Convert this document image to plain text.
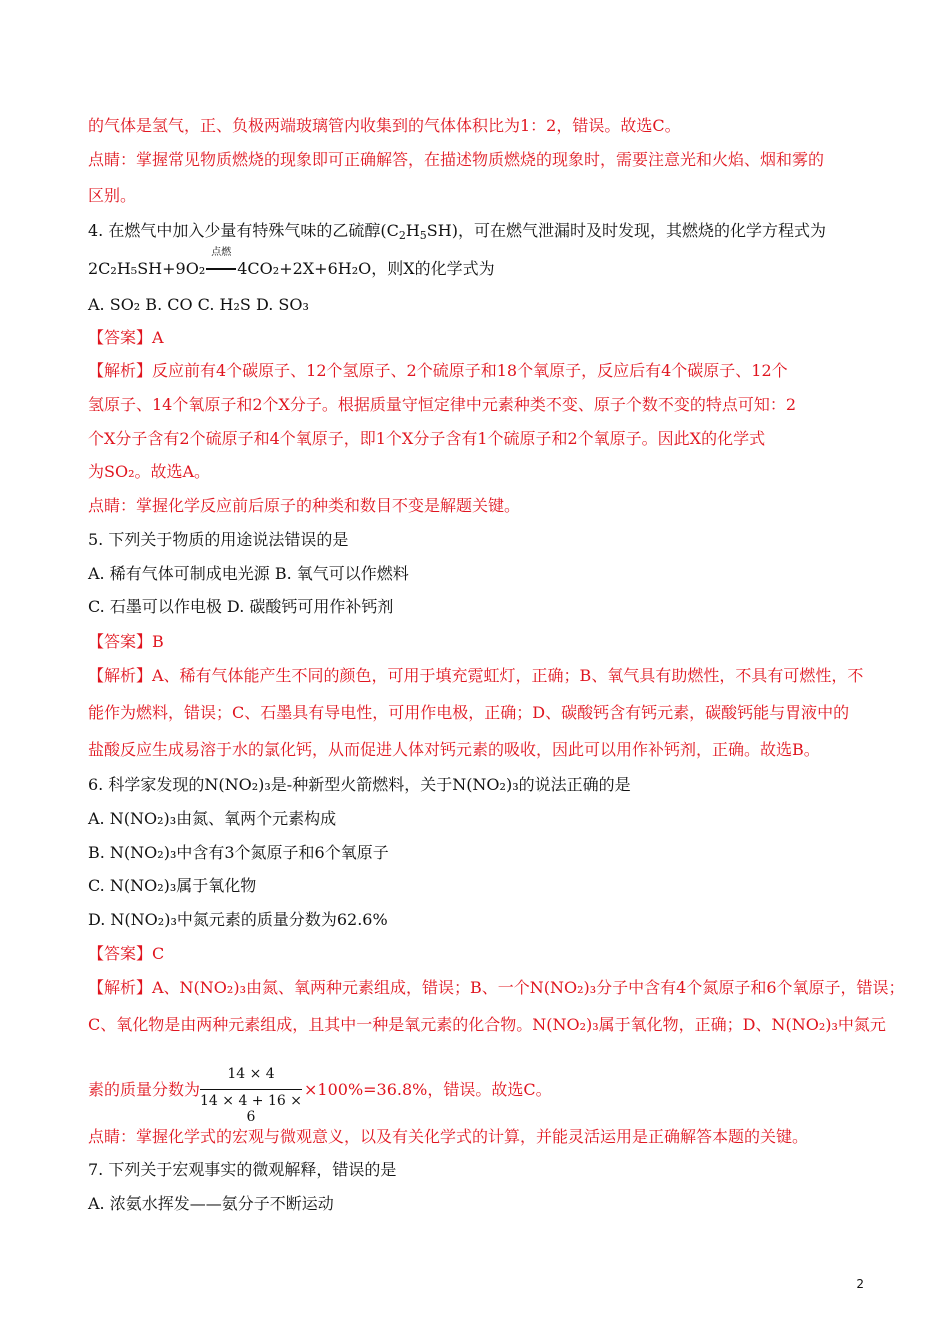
的气体是氢气，正、负极两端玻璃管内收集到的气体体积比为1：2，错误。故选C。
点睛：掌握常见物质燃烧的现象即可正确解答，在描述物质燃烧的现象时，需要注意光和火焰、烟和雾的
区别。
4. 在燃气中加入少量有特殊气味的乙硫醇$(C_2H_5SH)$，可在燃气泄漏时及时发现，其燃烧的化学方程式为
2C₂H₅SH+9O₂
点燃
4CO₂+2X+6H₂O，则X的化学式为
A. SO₂ B. CO C. H₂S D. SO₃
【答案】A
【解析】反应前有4个碳原子、12个氢原子、2个硫原子和18个氧原子，反应后有4个碳原子、12个
氢原子、14个氧原子和2个X分子。根据质量守恒定律中元素种类不变、原子个数不变的特点可知：2
个X分子含有2个硫原子和4个氧原子，即1个X分子含有1个硫原子和2个氧原子。因此X的化学式
为SO₂。故选A。
点睛：掌握化学反应前后原子的种类和数目不变是解题关键。
5. 下列关于物质的用途说法错误的是
A. 稀有气体可制成电光源 B. 氧气可以作燃料
C. 石墨可以作电极 D. 碳酸钙可用作补钙剂
【答案】B
【解析】A、稀有气体能产生不同的颜色，可用于填充霓虹灯，正确；B、氧气具有助燃性，不具有可燃性，不
能作为燃料，错误；C、石墨具有导电性，可用作电极，正确；D、碳酸钙含有钙元素，碳酸钙能与胃液中的
盐酸反应生成易溶于水的氯化钙，从而促进人体对钙元素的吸收，因此可以用作补钙剂，正确。故选B。
6. 科学家发现的N(NO₂)₃是-种新型火箭燃料，关于N(NO₂)₃的说法正确的是
A. N(NO₂)₃由氮、氧两个元素构成
B. N(NO₂)₃中含有3个氮原子和6个氧原子
C. N(NO₂)₃属于氧化物
D. N(NO₂)₃中氮元素的质量分数为62.6%
【答案】C
【解析】A、N(NO₂)₃由氮、氧两种元素组成，错误；B、一个N(NO₂)₃分子中含有4个氮原子和6个氧原子，错误；
C、氧化物是由两种元素组成，且其中一种是氧元素的化合物。N(NO₂)₃属于氧化物，正确；D、N(NO₂)₃中氮元
14 × 4
14 × 4 + 16 × 6
素的质量分数为	×100%=36.8%，错误。故选C。
点睛：掌握化学式的宏观与微观意义，以及有关化学式的计算，并能灵活运用是正确解答本题的关键。
7. 下列关于宏观事实的微观解释，错误的是
A. 浓氨水挥发——氨分子不断运动
2
